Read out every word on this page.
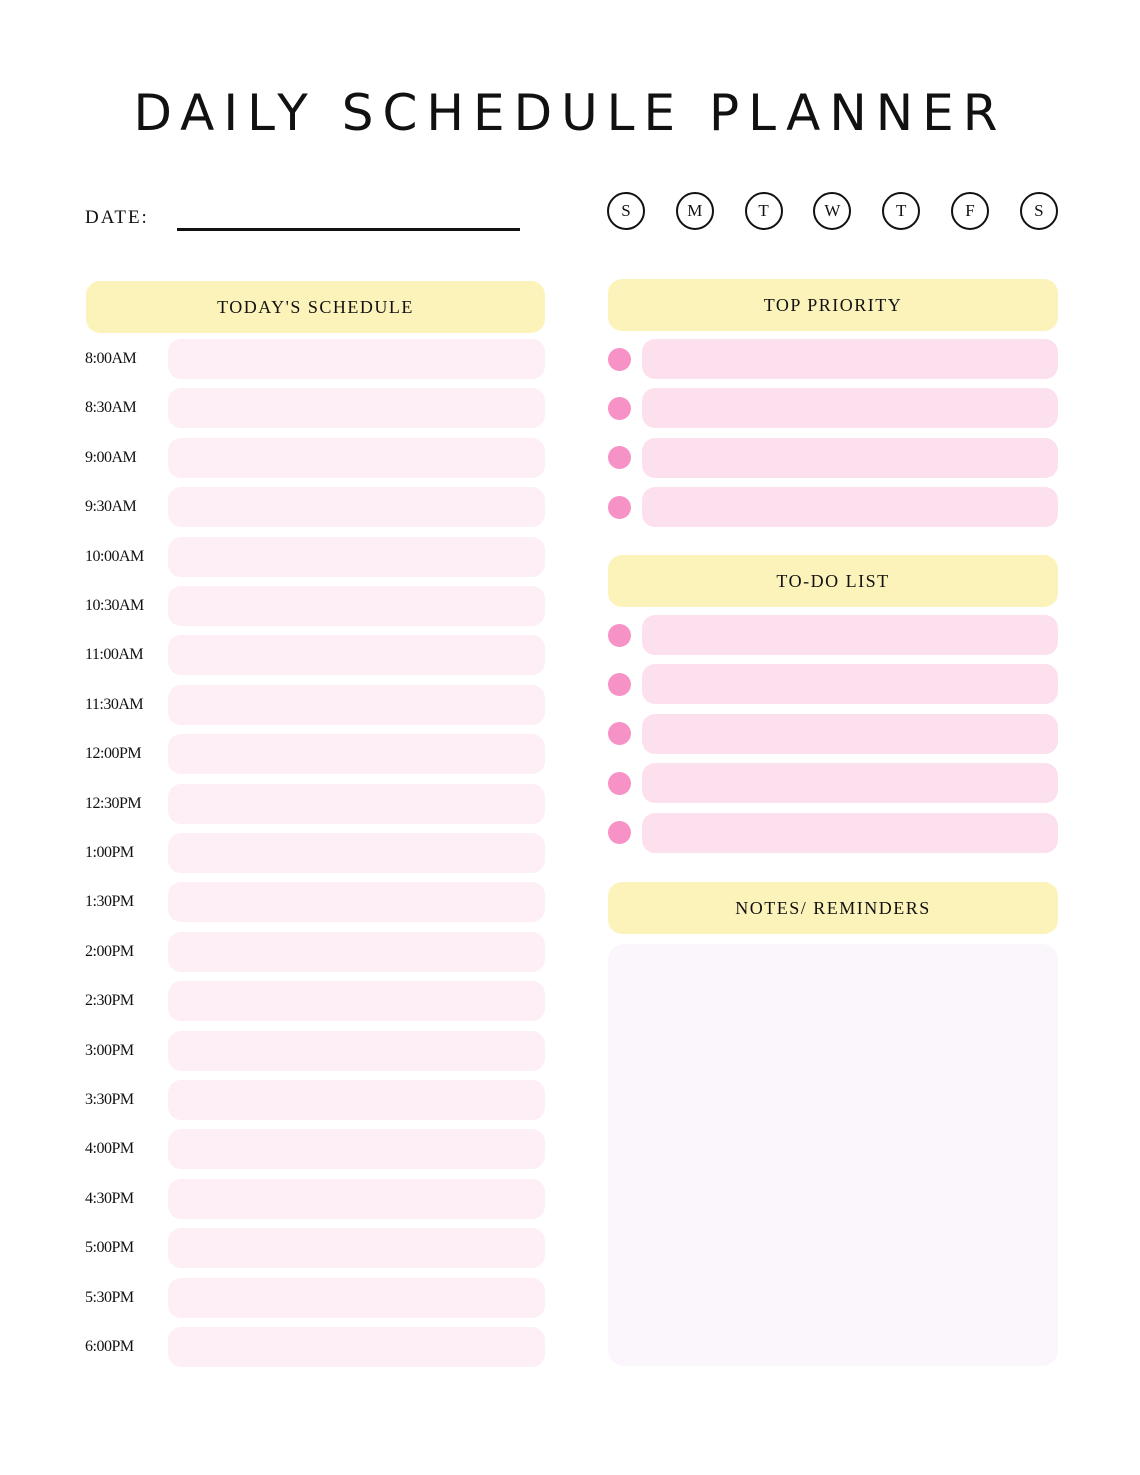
DAILY SCHEDULE PLANNER
DATE:	S	M	T	W	T	F	S
TODAY'S SCHEDULE	TOP PRIORITY
TO-DO LIST
NOTES/ REMINDERS
8:00AM
8:30AM
9:00AM
9:30AM
10:00AM
10:30AM
11:00AM
11:30AM
12:00PM
12:30PM
1:00PM
1:30PM
2:00PM
2:30PM
3:00PM
3:30PM
4:00PM
4:30PM
5:00PM
5:30PM
6:00PM
